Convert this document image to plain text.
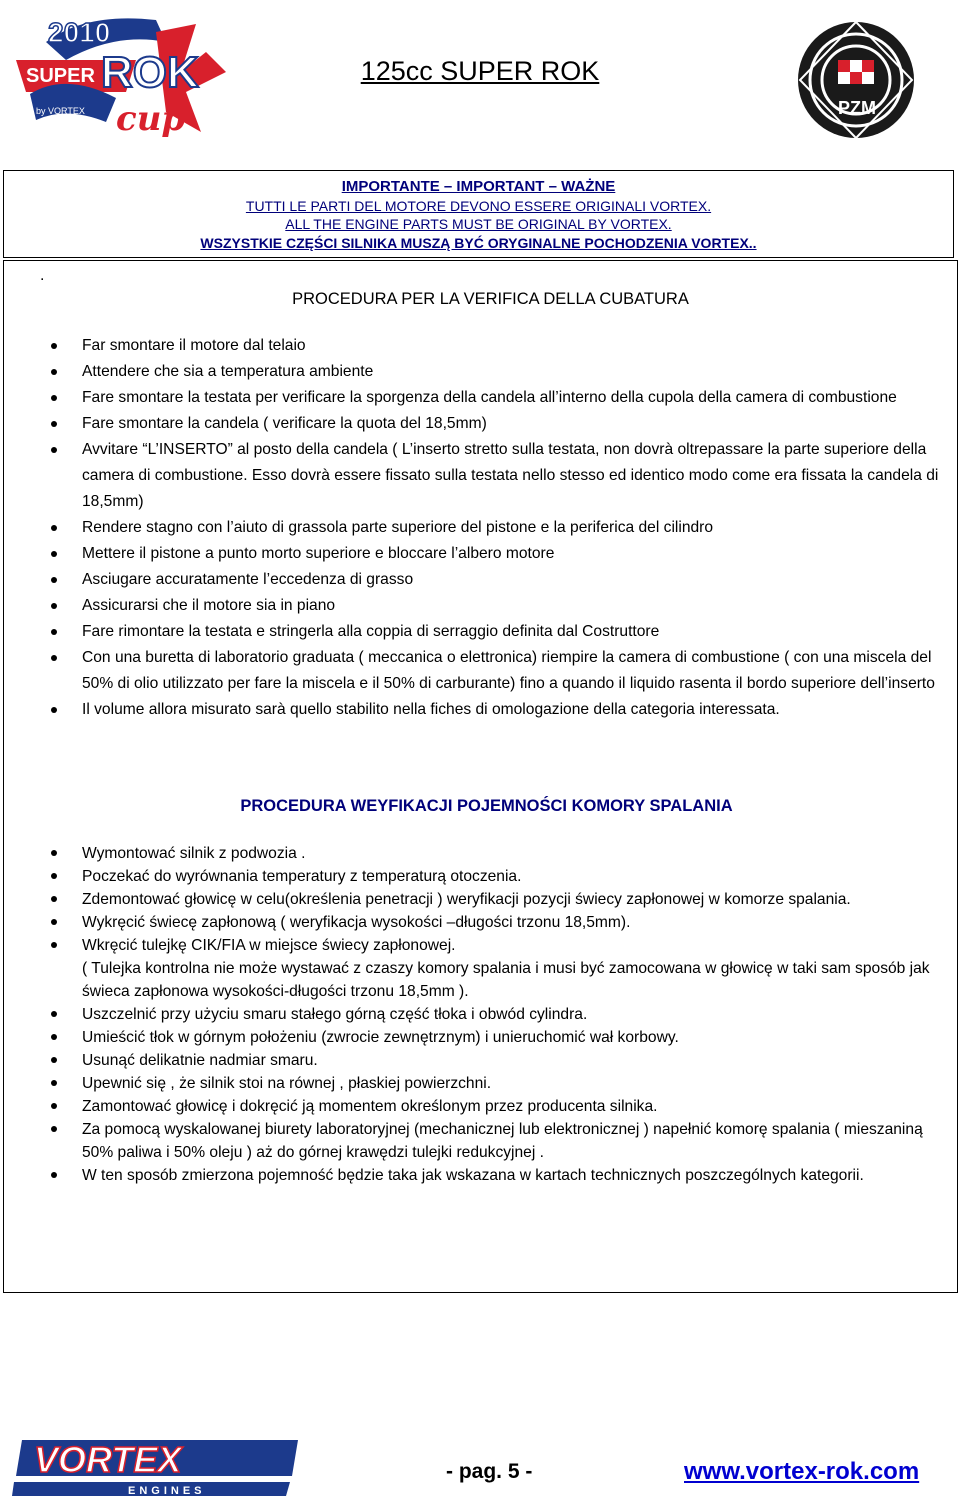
2010
SUPER ROK
by VORTEX cup
125cc SUPER ROK
PZM
IMPORTANTE – IMPORTANT – WAŻNE
TUTTI LE PARTI DEL MOTORE DEVONO ESSERE ORIGINALI VORTEX.
ALL THE ENGINE PARTS MUST BE ORIGINAL BY VORTEX.
WSZYSTKIE CZĘŚCI SILNIKA MUSZĄ BYĆ ORYGINALNE POCHODZENIA VORTEX..
.
PROCEDURA PER LA VERIFICA DELLA CUBATURA
Far smontare il motore dal telaio
Attendere che sia a temperatura ambiente
Fare smontare la testata per verificare la sporgenza della candela all’interno della cupola della camera di combustione
Fare smontare la candela ( verificare la quota del 18,5mm)
Avvitare “L’INSERTO” al posto della candela ( L’inserto stretto sulla testata, non dovrà oltrepassare la parte superiore della camera di combustione. Esso dovrà essere fissato sulla testata nello stesso ed identico modo come era fissata la candela di 18,5mm)
Rendere stagno con l’aiuto di grassola parte superiore del pistone e la periferica del cilindro
Mettere il pistone a punto morto superiore e bloccare l’albero motore
Asciugare accuratamente l’eccedenza di grasso
Assicurarsi che il motore sia in piano
Fare rimontare la testata e stringerla alla coppia di serraggio definita dal Costruttore
Con una buretta di laboratorio graduata ( meccanica o elettronica) riempire la camera di combustione ( con una miscela del 50% di olio utilizzato per fare la miscela e il 50% di carburante) fino a quando il liquido rasenta il bordo superiore dell’inserto
Il volume allora misurato sarà quello stabilito nella fiches di omologazione della categoria interessata.
PROCEDURA WEYFIKACJI POJEMNOŚCI KOMORY SPALANIA
Wymontować silnik z podwozia .
Poczekać do wyrównania temperatury z temperaturą otoczenia.
Zdemontować głowicę w celu(określenia penetracji ) weryfikacji pozycji świecy zapłonowej w komorze spalania.
Wykręcić świecę zapłonową ( weryfikacja wysokości –długości trzonu 18,5mm).
Wkręcić tulejkę CIK/FIA w miejsce świecy zapłonowej.
( Tulejka kontrolna nie może wystawać z czaszy komory spalania i musi być zamocowana w głowicę w taki sam sposób jak świeca zapłonowa wysokości-długości trzonu 18,5mm ).
Uszczelnić przy użyciu smaru stałego górną część tłoka i obwód cylindra.
Umieścić tłok w górnym położeniu (zwrocie zewnętrznym) i unieruchomić wał korbowy.
Usunąć delikatnie nadmiar smaru.
Upewnić się , że silnik stoi na równej , płaskiej powierzchni.
Zamontować głowicę i dokręcić ją momentem określonym przez producenta silnika.
Za pomocą wyskalowanej biurety laboratoryjnej (mechanicznej lub elektronicznej ) napełnić komorę spalania ( mieszaniną 50% paliwa i 50% oleju ) aż do górnej krawędzi tulejki redukcyjnej .
W ten sposób zmierzona pojemność będzie taka jak wskazana w kartach technicznych poszczególnych kategorii.
VORTEX
ENGINES
- pag. 5 -	www.vortex-rok.com
